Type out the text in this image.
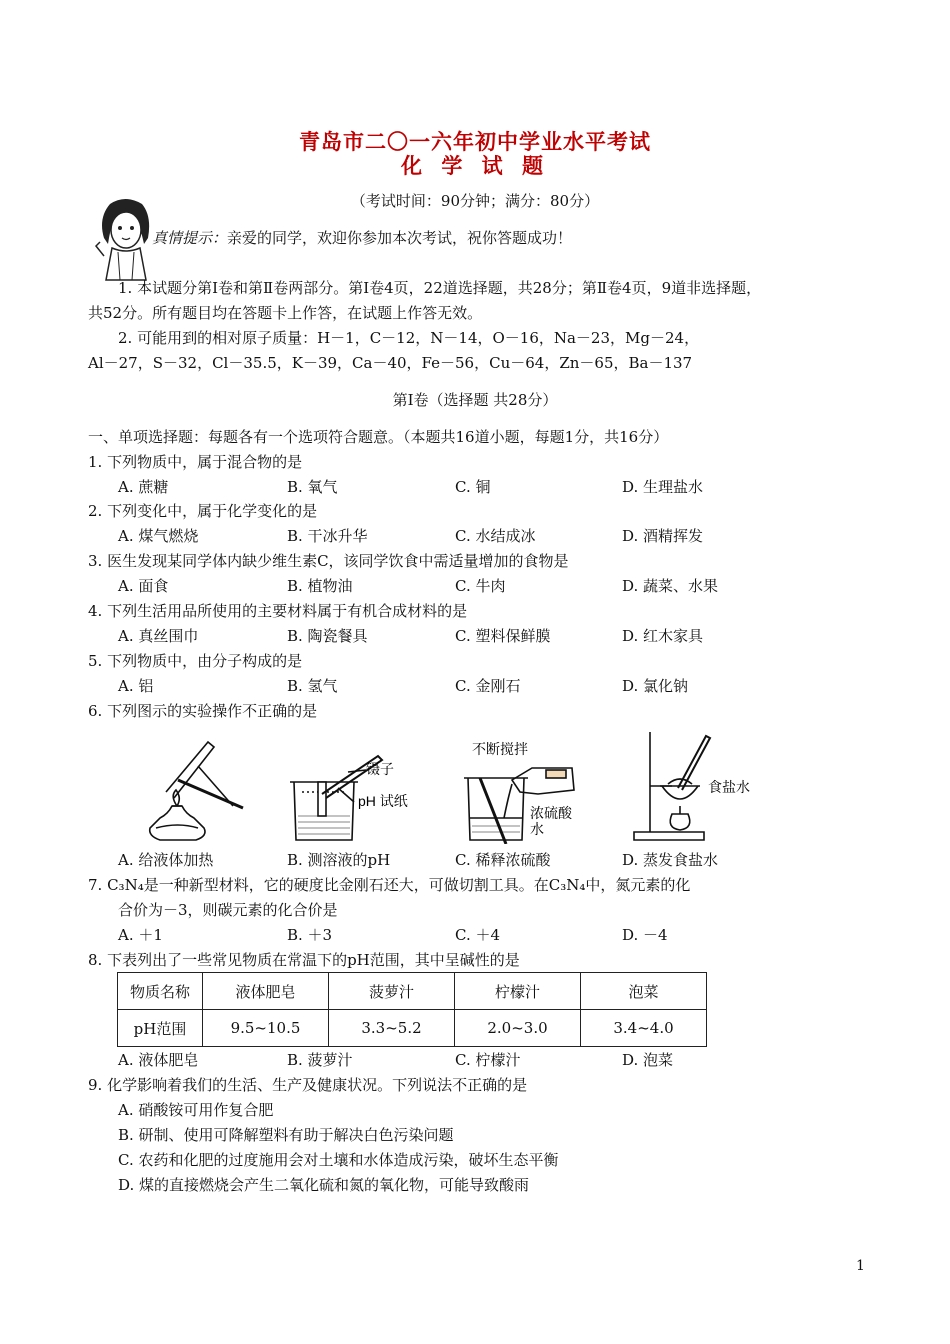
青岛市二〇一六年初中学业水平考试
化 学 试 题
（考试时间：90分钟；满分：80分）
真情提示：亲爱的同学，欢迎你参加本次考试，祝你答题成功！
1. 本试题分第Ⅰ卷和第Ⅱ卷两部分。第Ⅰ卷4页，22道选择题，共28分；第Ⅱ卷4页，9道非选择题，
共52分。所有题目均在答题卡上作答，在试题上作答无效。
2. 可能用到的相对原子质量：H－1，C－12，N－14，O－16，Na－23，Mg－24，
Al－27，S－32，Cl－35.5，K－39，Ca－40，Fe－56，Cu－64，Zn－65，Ba－137
第Ⅰ卷（选择题 共28分）
一、单项选择题：每题各有一个选项符合题意。（本题共16道小题，每题1分，共16分）
1. 下列物质中，属于混合物的是
A. 蔗糖	B. 氧气	C. 铜	D. 生理盐水
2. 下列变化中，属于化学变化的是
A. 煤气燃烧	B. 干冰升华	C. 水结成冰	D. 酒精挥发
3. 医生发现某同学体内缺少维生素C，该同学饮食中需适量增加的食物是
A. 面食	B. 植物油	C. 牛肉	D. 蔬菜、水果
4. 下列生活用品所使用的主要材料属于有机合成材料的是
A. 真丝围巾	B. 陶瓷餐具	C. 塑料保鲜膜	D. 红木家具
5. 下列物质中，由分子构成的是
A. 铝	B. 氢气	C. 金刚石	D. 氯化钠
6. 下列图示的实验操作不正确的是
镊子
pH 试纸
不断搅拌
浓硫酸
水
食盐水
A. 给液体加热	B. 测溶液的pH	C. 稀释浓硫酸	D. 蒸发食盐水
7. C₃N₄是一种新型材料，它的硬度比金刚石还大，可做切割工具。在C₃N₄中，氮元素的化
合价为－3，则碳元素的化合价是
A. ＋1	B. ＋3	C. ＋4	D. －4
8. 下表列出了一些常见物质在常温下的pH范围，其中呈碱性的是
物质名称	液体肥皂	菠萝汁	柠檬汁	泡菜
pH范围	9.5~10.5	3.3~5.2	2.0~3.0	3.4~4.0
A. 液体肥皂	B. 菠萝汁	C. 柠檬汁	D. 泡菜
9. 化学影响着我们的生活、生产及健康状况。下列说法不正确的是
A. 硝酸铵可用作复合肥
B. 研制、使用可降解塑料有助于解决白色污染问题
C. 农药和化肥的过度施用会对土壤和水体造成污染，破坏生态平衡
D. 煤的直接燃烧会产生二氧化硫和氮的氧化物，可能导致酸雨
1
